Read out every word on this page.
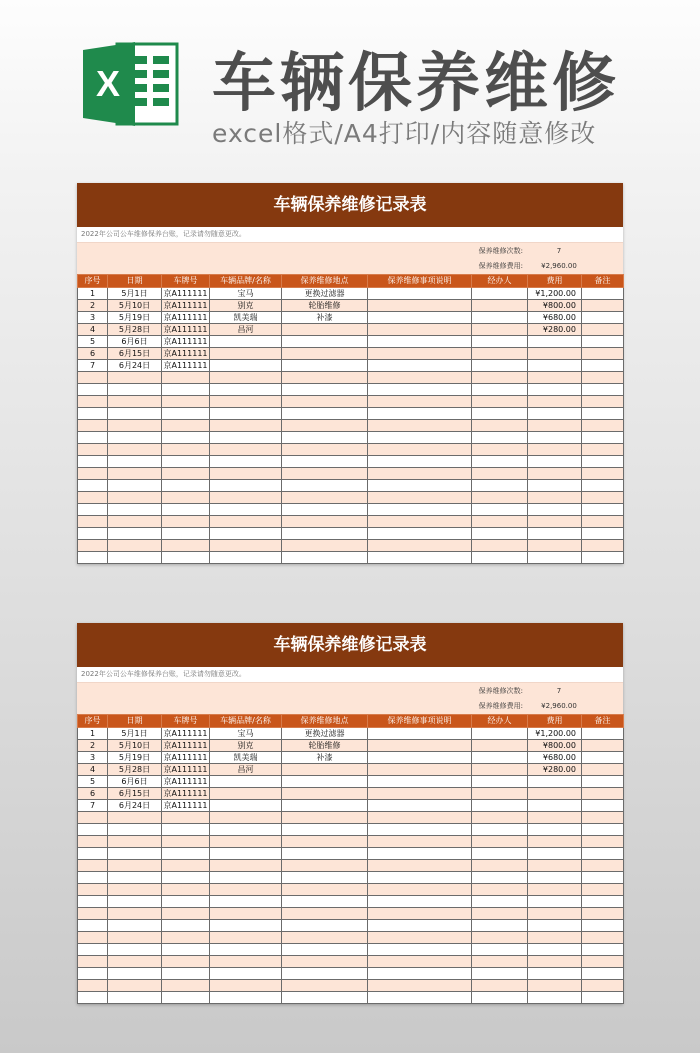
X 车辆保养维修
excel格式/A4打印/内容随意修改
车辆保养维修记录表
2022年公司公车维修保养台账，记录请勿随意更改。
保养维修次数:	7
保养维修费用:	¥2,960.00
序号	日期	车牌号	车辆品牌/名称	保养维修地点	保养维修事项说明	经办人	费用	备注
1	5月1日	京A111111	宝马	更换过滤器			¥1,200.00	
2	5月10日	京A111111	别克	轮胎维修			¥800.00	
3	5月19日	京A111111	凯美瑞	补漆			¥680.00	
4	5月28日	京A111111	昌河				¥280.00	
5	6月6日	京A111111						
6	6月15日	京A111111						
7	6月24日	京A111111						

车辆保养维修记录表
2022年公司公车维修保养台账，记录请勿随意更改。
保养维修次数:	7
保养维修费用:	¥2,960.00
序号	日期	车牌号	车辆品牌/名称	保养维修地点	保养维修事项说明	经办人	费用	备注
1	5月1日	京A111111	宝马	更换过滤器			¥1,200.00	
2	5月10日	京A111111	别克	轮胎维修			¥800.00	
3	5月19日	京A111111	凯美瑞	补漆			¥680.00	
4	5月28日	京A111111	昌河				¥280.00	
5	6月6日	京A111111						
6	6月15日	京A111111						
7	6月24日	京A111111						
